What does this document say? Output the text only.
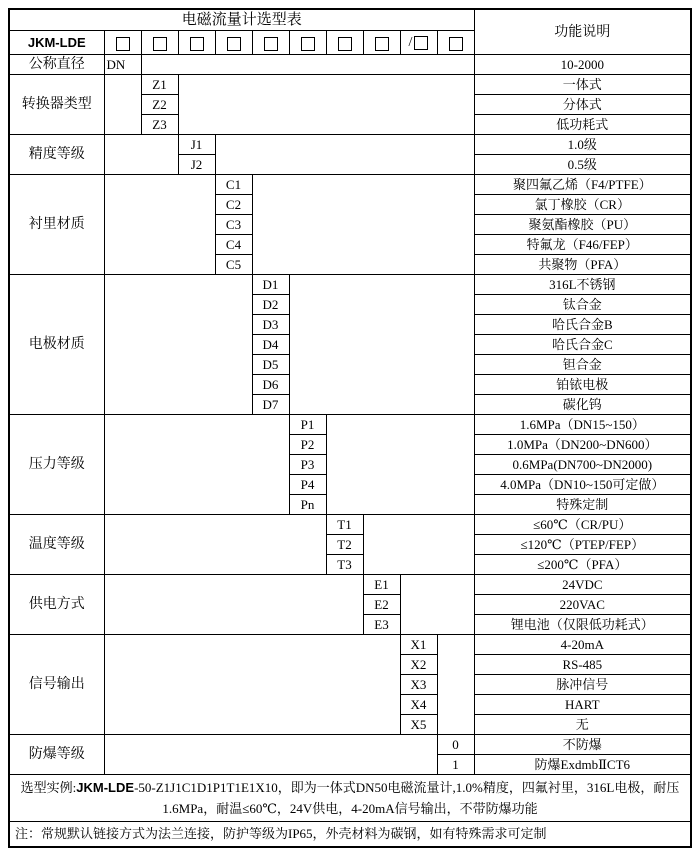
电磁流量计选型表											功能说明
JKM-LDE									/		
公称直径	DN										10-2000
转换器类型		Z1									一体式
		Z2									分体式
		Z3									低功耗式
精度等级			J1								1.0级
			J2								0.5级
衬里材质				C1							聚四氟乙烯（F4/PTFE）
				C2							氯丁橡胶（CR）
				C3							聚氨酯橡胶（PU）
				C4							特氟龙（F46/FEP）
				C5							共聚物（PFA）
电极材质					D1						316L不锈钢
					D2						钛合金
					D3						哈氏合金B
					D4						哈氏合金C
					D5						钽合金
					D6						铂铱电极
					D7						碳化钨
压力等级						P1					1.6MPa（DN15~150）
						P2					1.0MPa（DN200~DN600）
						P3					0.6MPa(DN700~DN2000)
						P4					4.0MPa（DN10~150可定做）
						Pn					特殊定制
温度等级							T1				≤60℃（CR/PU）
							T2				≤120℃（PTEP/FEP）
							T3				≤200℃（PFA）
供电方式								E1			24VDC
								E2			220VAC
								E3			锂电池（仅限低功耗式）
信号输出									X1		4-20mA
									X2		RS-485
									X3		脉冲信号
									X4		HART
									X5		无
防爆等级										0	不防爆
										1	防爆ExdmbⅡCT6
选型实例:JKM-LDE-50-Z1J1C1D1P1T1E1X10，即为一体式DN50电磁流量计,1.0%精度，四氟衬里，316L电极，耐压1.6MPa，耐温≤60℃，24V供电，4-20mA信号输出，不带防爆功能											
注：常规默认链接方式为法兰连接，防护等级为IP65，外壳材料为碳钢，如有特殊需求可定制											
